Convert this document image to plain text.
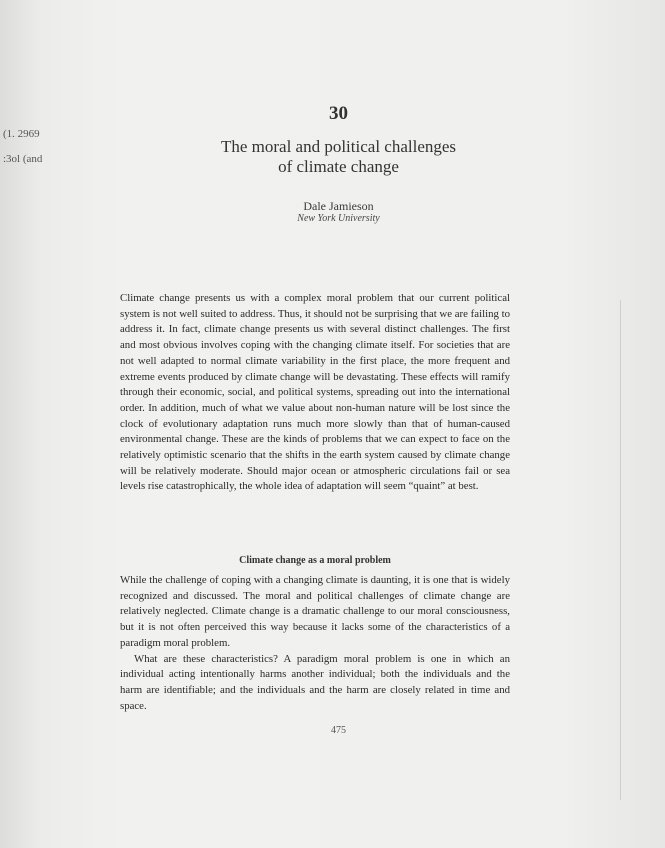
(1. 2969
:3ol (and
30
The moral and political challenges
of climate change
Dale Jamieson
New York University
Climate change presents us with a complex moral problem that our current political system is not well suited to address. Thus, it should not be surprising that we are failing to address it. In fact, climate change presents us with several distinct challenges. The first and most obvious involves coping with the changing climate itself. For societies that are not well adapted to normal climate variability in the first place, the more frequent and extreme events produced by climate change will be devastating. These effects will ramify through their economic, social, and political systems, spreading out into the international order. In addition, much of what we value about non-human nature will be lost since the clock of evolutionary adaptation runs much more slowly than that of human-caused environmental change. These are the kinds of problems that we can expect to face on the relatively optimistic scenario that the shifts in the earth system caused by climate change will be relatively moderate. Should major ocean or atmospheric circulations fail or sea levels rise catastrophically, the whole idea of adaptation will seem “quaint” at best.
Climate change as a moral problem

While the challenge of coping with a changing climate is daunting, it is one that is widely recognized and discussed. The moral and political challenges of climate change are relatively neglected. Climate change is a dramatic challenge to our moral consciousness, but it is not often perceived this way because it lacks some of the characteristics of a paradigm moral problem.

What are these characteristics? A paradigm moral problem is one in which an individual acting intentionally harms another individual; both the individuals and the harm are identifiable; and the individuals and the harm are closely related in time and space.

475
